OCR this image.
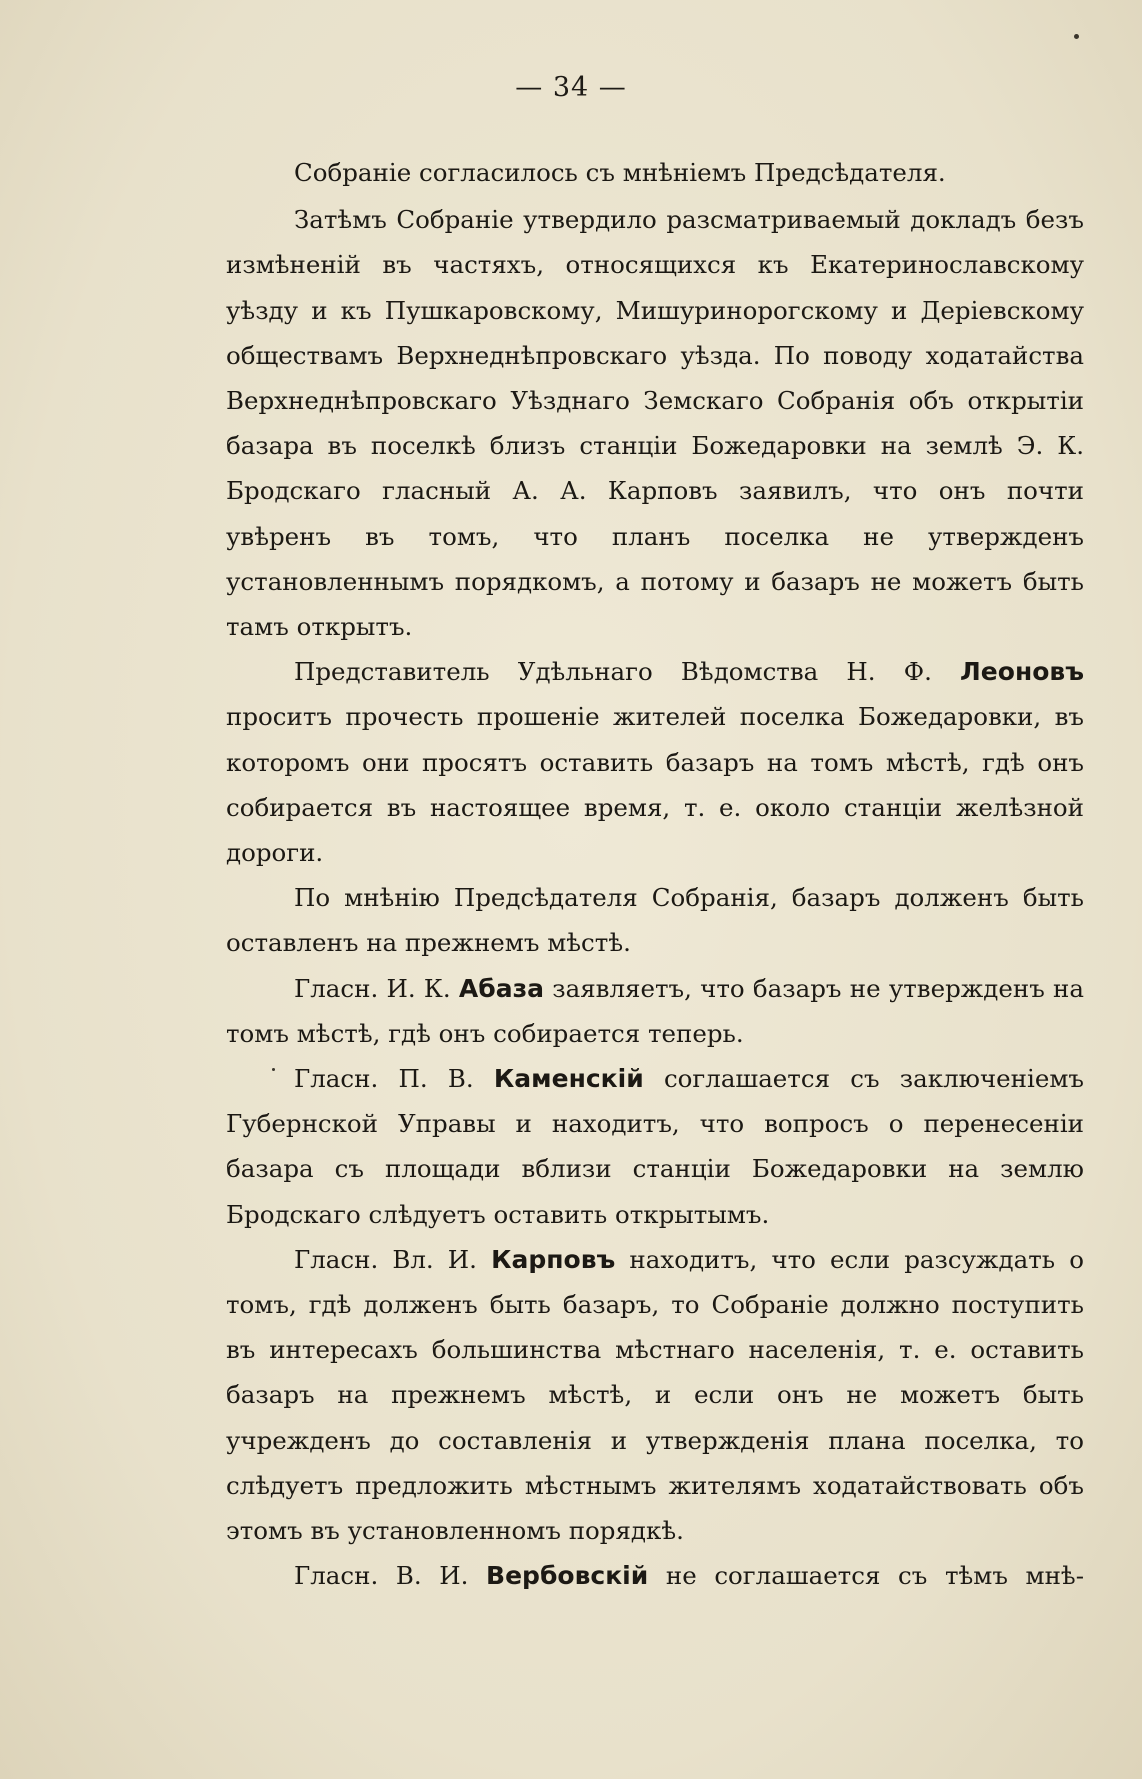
— 34 —

Собраніе согласилось съ мнѣніемъ Предсѣдателя.

Затѣмъ Собраніе утвердило разсматриваемый докладъ безъ измѣненій въ частяхъ, относящихся къ Екатеринославскому уѣзду и къ Пушкаровскому, Мишуринорогскому и Деріевскому обществамъ Верхнеднѣпровскаго уѣзда. По поводу ходатайства Верхнеднѣпровскаго Уѣзднаго Земскаго Собранія объ открытіи базара въ поселкѣ близъ станціи Божедаровки на землѣ Э. К. Бродскаго гласный А. А. Карповъ заявилъ, что онъ почти увѣренъ въ томъ, что планъ поселка не утвержденъ установленнымъ порядкомъ, а потому и базаръ не можетъ быть тамъ открытъ.

Представитель Удѣльнаго Вѣдомства Н. Ф. Леоновъ проситъ прочесть прошеніе жителей поселка Божедаровки, въ которомъ они просятъ оставить базаръ на томъ мѣстѣ, гдѣ онъ собирается въ настоящее время, т. е. около станціи желѣзной дороги.

По мнѣнію Предсѣдателя Собранія, базаръ долженъ быть оставленъ на прежнемъ мѣстѣ.

Гласн. И. К. Абаза заявляетъ, что базаръ не утвержденъ на томъ мѣстѣ, гдѣ онъ собирается теперь.

Гласн. П. В. Каменскій соглашается съ заключеніемъ Губернской Управы и находитъ, что вопросъ о перенесеніи базара съ площади вблизи станціи Божедаровки на землю Бродскаго слѣдуетъ оставить открытымъ.

Гласн. Вл. И. Карповъ находитъ, что если разсуждать о томъ, гдѣ долженъ быть базаръ, то Собраніе должно поступить въ интересахъ большинства мѣстнаго населенія, т. е. оставить базаръ на прежнемъ мѣстѣ, и если онъ не можетъ быть учрежденъ до составленія и утвержденія плана поселка, то слѣдуетъ предложить мѣстнымъ жителямъ ходатайствовать объ этомъ въ установленномъ порядкѣ.

Гласн. В. И. Вербовскій не соглашается съ тѣмъ мнѣ-
